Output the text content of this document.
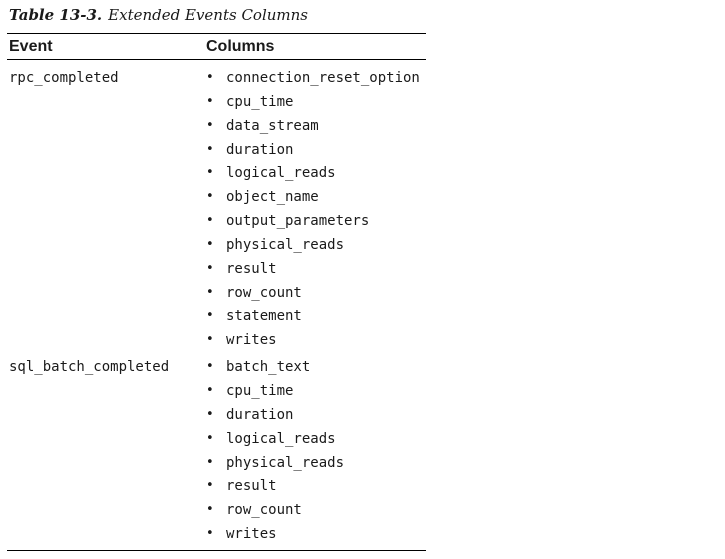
Table 13-3. Extended Events Columns
Event	Columns
rpc_completed	• connection_reset_option
• cpu_time
• data_stream
• duration
• logical_reads
• object_name
• output_parameters
• physical_reads
• result
• row_count
• statement
• writes
sql_batch_completed	• batch_text
• cpu_time
• duration
• logical_reads
• physical_reads
• result
• row_count
• writes
